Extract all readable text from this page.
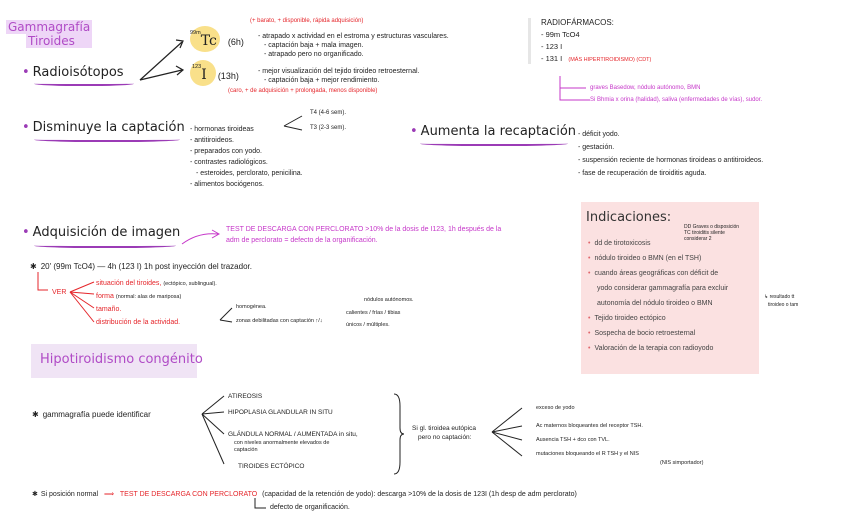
Gammagrafía
Tiroides
• Radioisótopos
$^{99m}$Tc (6h)
(+ barato, + disponible, rápida adquisición)
- atrapado x actividad en el estroma y estructuras vasculares.
- captación baja + mala imagen.
- atrapado pero no organificado.
$^{123}$I (13h)	- mejor visualización del tejido tiroideo retroesternal.
- captación baja + mejor rendimiento.
(caro, + de adquisición + prolongada, menos disponible)
RADIOFÁRMACOS:
- 99m TcO4
- 123 I
- 131 I (MÁS HIPERTIROIDISMO) (CDT)
graves Basedow, nódulo autónomo, BMN
Si Bhmia x orina (halidad), saliva (enfermedades de vías), sudor.
• Disminuye la captación - hormonas tiroideas
- antitiroideos.
- preparados con yodo.
- contrastes radiológicos.
- esteroides, perclorato, penicilina.
- alimentos bociógenos.
T4 (4-6 sem).
T3 (2-3 sem).	• Aumenta la recaptación - déficit yodo.
- gestación.
- suspensión reciente de hormonas tiroideas o antitiroideos.
- fase de recuperación de tiroiditis aguda.
• Adquisición de imagen	TEST DE DESCARGA CON PERCLORATO >10% de la dosis de I123, 1h después de la
adm de perclorato = defecto de la organificación.
✱ 20' (99m TcO4) — 4h (123 I) 1h post inyección del trazador.
VER
situación del tiroides, (ectópico, sublingual).
forma (normal: alas de mariposa)
tamaño.
distribución de la actividad.
homogénea.
zonas debilitadas con captación ↑/↓
nódulos autónomos.
calientes / frías / tibias
únicos / múltiples.
Indicaciones:
DD Graves o disposición
TC tiroiditis silente
considerar 2
• dd de tirotoxicosis
• nódulo tiroideo o BMN (en el TSH)
• cuando áreas geográficas con déficit de
yodo considerar gammagrafía para excluir
autonomía del nódulo tiroideo o BMN
• Tejido tiroideo ectópico
• Sospecha de bocio retroesternal
• Valoración de la terapia con radioyodo
↳ resultado tt
tiroideo o tam
Hipotiroidismo congénito
✱ gammagrafía puede identificar
ATIREOSIS
HIPOPLASIA GLANDULAR IN SITU
GLÁNDULA NORMAL / AUMENTADA in situ,
con niveles anormalmente elevados de
captación
TIROIDES ECTÓPICO
Si gl. tiroidea eutópica
pero no captación:
exceso de yodo
Ac maternos bloqueantes del receptor TSH.
Ausencia TSH + dco con TVL.
mutaciones bloqueando el R TSH y el NIS
(NIS simportador)
✱ Si posición normal ⟹ TEST DE DESCARGA CON PERCLORATO (capacidad de la retención de yodo): descarga >10% de la dosis de 123I (1h desp de adm perclorato)
defecto de organificación.
